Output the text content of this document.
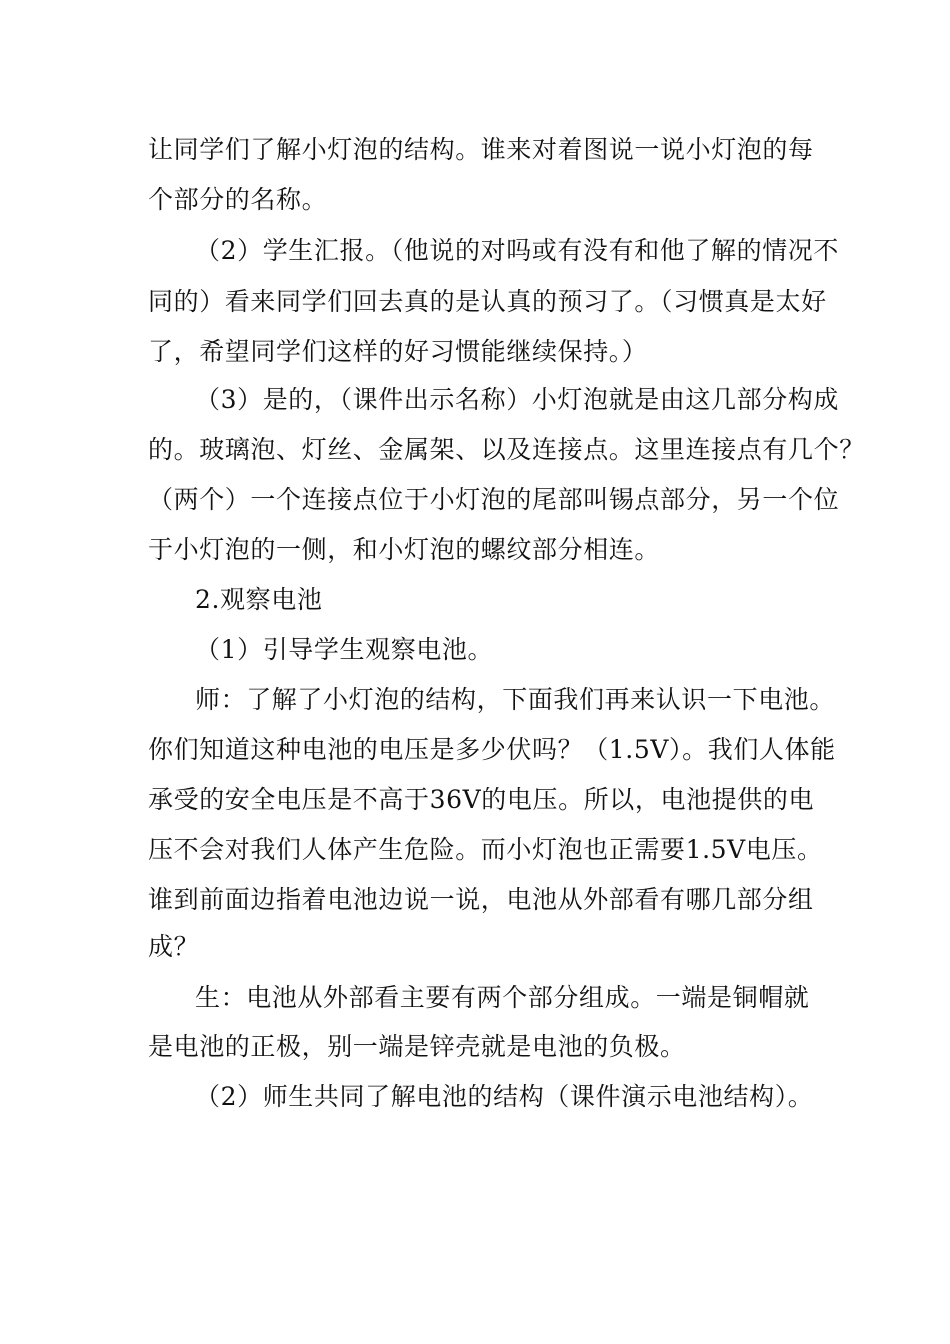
让同学们了解小灯泡的结构。谁来对着图说一说小灯泡的每
个部分的名称。
（2）学生汇报。（他说的对吗或有没有和他了解的情况不
同的）看来同学们回去真的是认真的预习了。（习惯真是太好
了，希望同学们这样的好习惯能继续保持。）
（3）是的，（课件出示名称）小灯泡就是由这几部分构成
的。玻璃泡、灯丝、金属架、以及连接点。这里连接点有几个？
（两个）一个连接点位于小灯泡的尾部叫锡点部分，另一个位
于小灯泡的一侧，和小灯泡的螺纹部分相连。
2.观察电池
（1）引导学生观察电池。
师：了解了小灯泡的结构，下面我们再来认识一下电池。
你们知道这种电池的电压是多少伏吗？（1.5V）。我们人体能
承受的安全电压是不高于36V的电压。所以，电池提供的电
压不会对我们人体产生危险。而小灯泡也正需要1.5V电压。
谁到前面边指着电池边说一说，电池从外部看有哪几部分组
成？
生：电池从外部看主要有两个部分组成。一端是铜帽就
是电池的正极，别一端是锌壳就是电池的负极。
（2）师生共同了解电池的结构（课件演示电池结构）。
